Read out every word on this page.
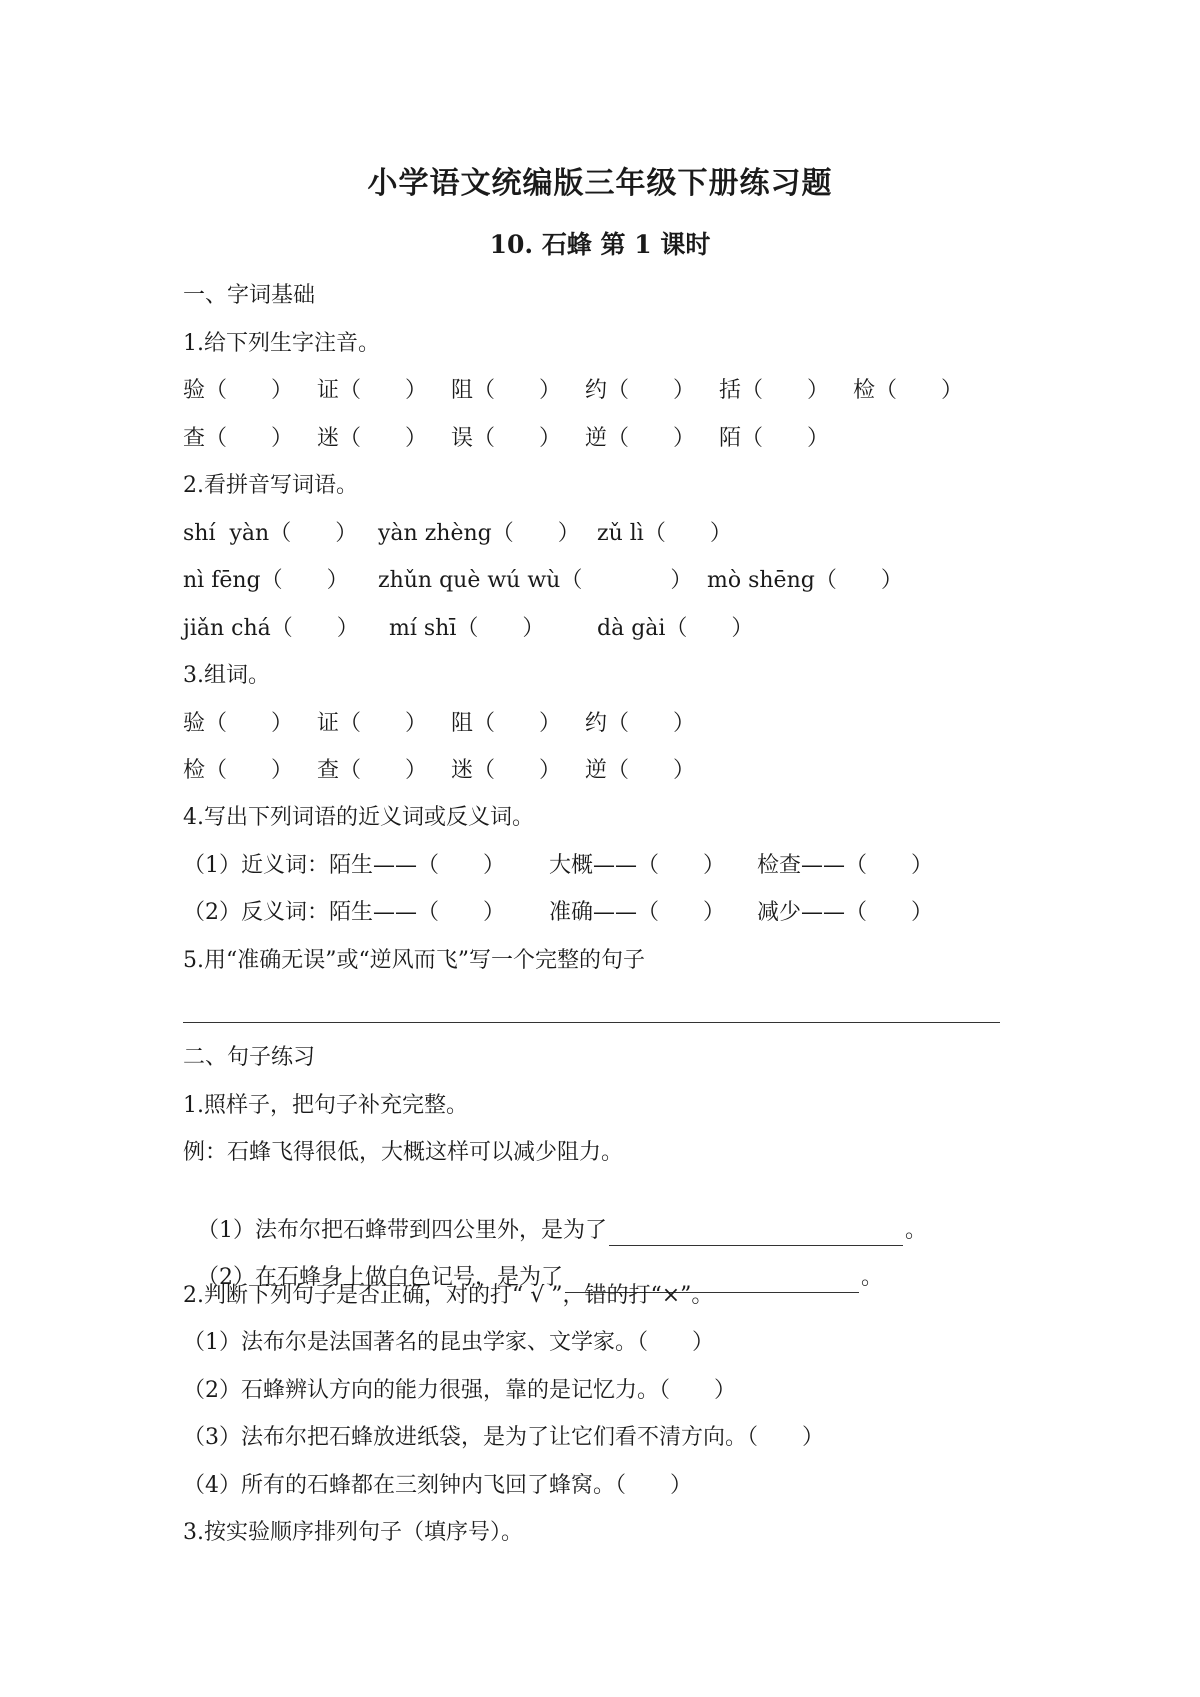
小学语文统编版三年级下册练习题
10. 石蜂 第 1 课时
一、字词基础
1.给下列生字注音。
验（　　） 证（　　） 阻（　　） 约（　　） 括（　　） 检（　　）
查（　　） 迷（　　） 误（　　） 逆（　　） 陌（　　）
2.看拼音写词语。
shí  yàn（　　） yàn zhèng（　　） zǔ lì（　　）
nì fēng（　　） zhǔn què wú wù（　　　　） mò shēng（　　）
jiǎn chá（　　） mí shī（　　） dà gài（　　）
3.组词。
验（　　） 证（　　） 阻（　　） 约（　　）
检（　　） 查（　　） 迷（　　） 逆（　　）
4.写出下列词语的近义词或反义词。
（1）近义词：陌生——（　　） 大概——（　　） 检查——（　　）
（2）反义词：陌生——（　　） 准确——（　　） 减少——（　　）
5.用“准确无误”或“逆风而飞”写一个完整的句子
二、句子练习
1.照样子，把句子补充完整。
例：石蜂飞得很低，大概这样可以减少阻力。

（1）法布尔把石蜂带到四公里外，是为了	。

（2）在石蜂身上做白色记号，是为了	。

2.判断下列句子是否正确，对的打“ √ ”，错的打“×”。
（1）法布尔是法国著名的昆虫学家、文学家。（　　）
（2）石蜂辨认方向的能力很强，靠的是记忆力。（　　）
（3）法布尔把石蜂放进纸袋，是为了让它们看不清方向。（　　）
（4）所有的石蜂都在三刻钟内飞回了蜂窝。（　　）
3.按实验顺序排列句子（填序号）。
